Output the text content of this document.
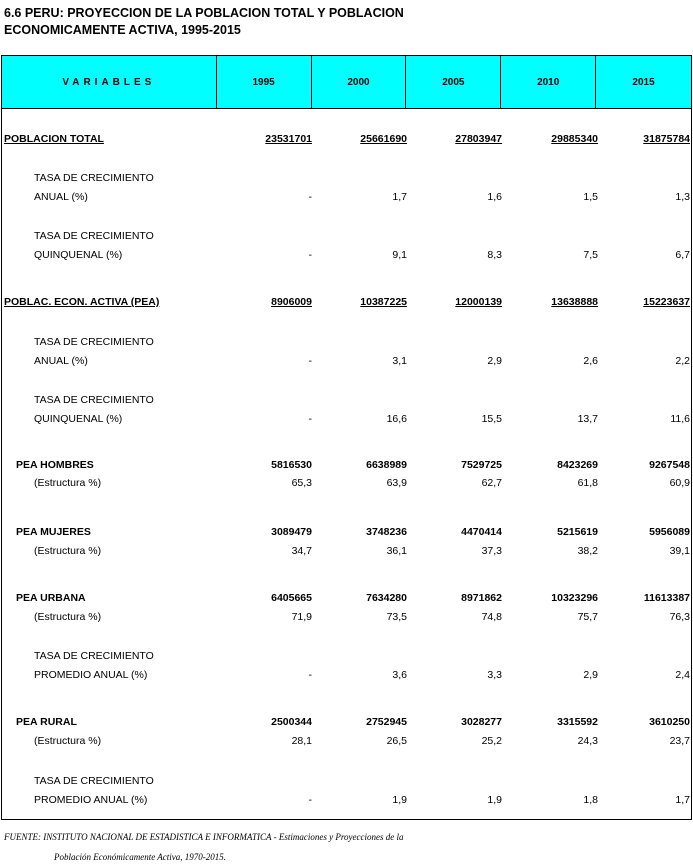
6.6 PERU: PROYECCION DE LA POBLACION TOTAL Y POBLACION
ECONOMICAMENTE ACTIVA, 1995-2015
VARIABLES	1995	2000	2005	2010	2015
POBLACION TOTAL	23531701	25661690	27803947	29885340	31875784
TASA DE CRECIMIENTO
ANUAL (%)	-	1,7	1,6	1,5	1,3
TASA DE CRECIMIENTO
QUINQUENAL (%)	-	9,1	8,3	7,5	6,7
POBLAC. ECON. ACTIVA (PEA)	8906009	10387225	12000139	13638888	15223637
TASA DE CRECIMIENTO
ANUAL (%)	-	3,1	2,9	2,6	2,2
TASA DE CRECIMIENTO
QUINQUENAL (%)	-	16,6	15,5	13,7	11,6
PEA HOMBRES	5816530	6638989	7529725	8423269	9267548
(Estructura %)	65,3	63,9	62,7	61,8	60,9
PEA MUJERES	3089479	3748236	4470414	5215619	5956089
(Estructura %)	34,7	36,1	37,3	38,2	39,1
PEA URBANA	6405665	7634280	8971862	10323296	11613387
(Estructura %)	71,9	73,5	74,8	75,7	76,3
TASA DE CRECIMIENTO
PROMEDIO ANUAL (%)	-	3,6	3,3	2,9	2,4
PEA RURAL	2500344	2752945	3028277	3315592	3610250
(Estructura %)	28,1	26,5	25,2	24,3	23,7
TASA DE CRECIMIENTO
PROMEDIO ANUAL (%)	-	1,9	1,9	1,8	1,7
FUENTE: INSTITUTO NACIONAL DE ESTADISTICA E INFORMATICA - Estimaciones y Proyecciones de la
Población Económicamente Activa, 1970-2015.
